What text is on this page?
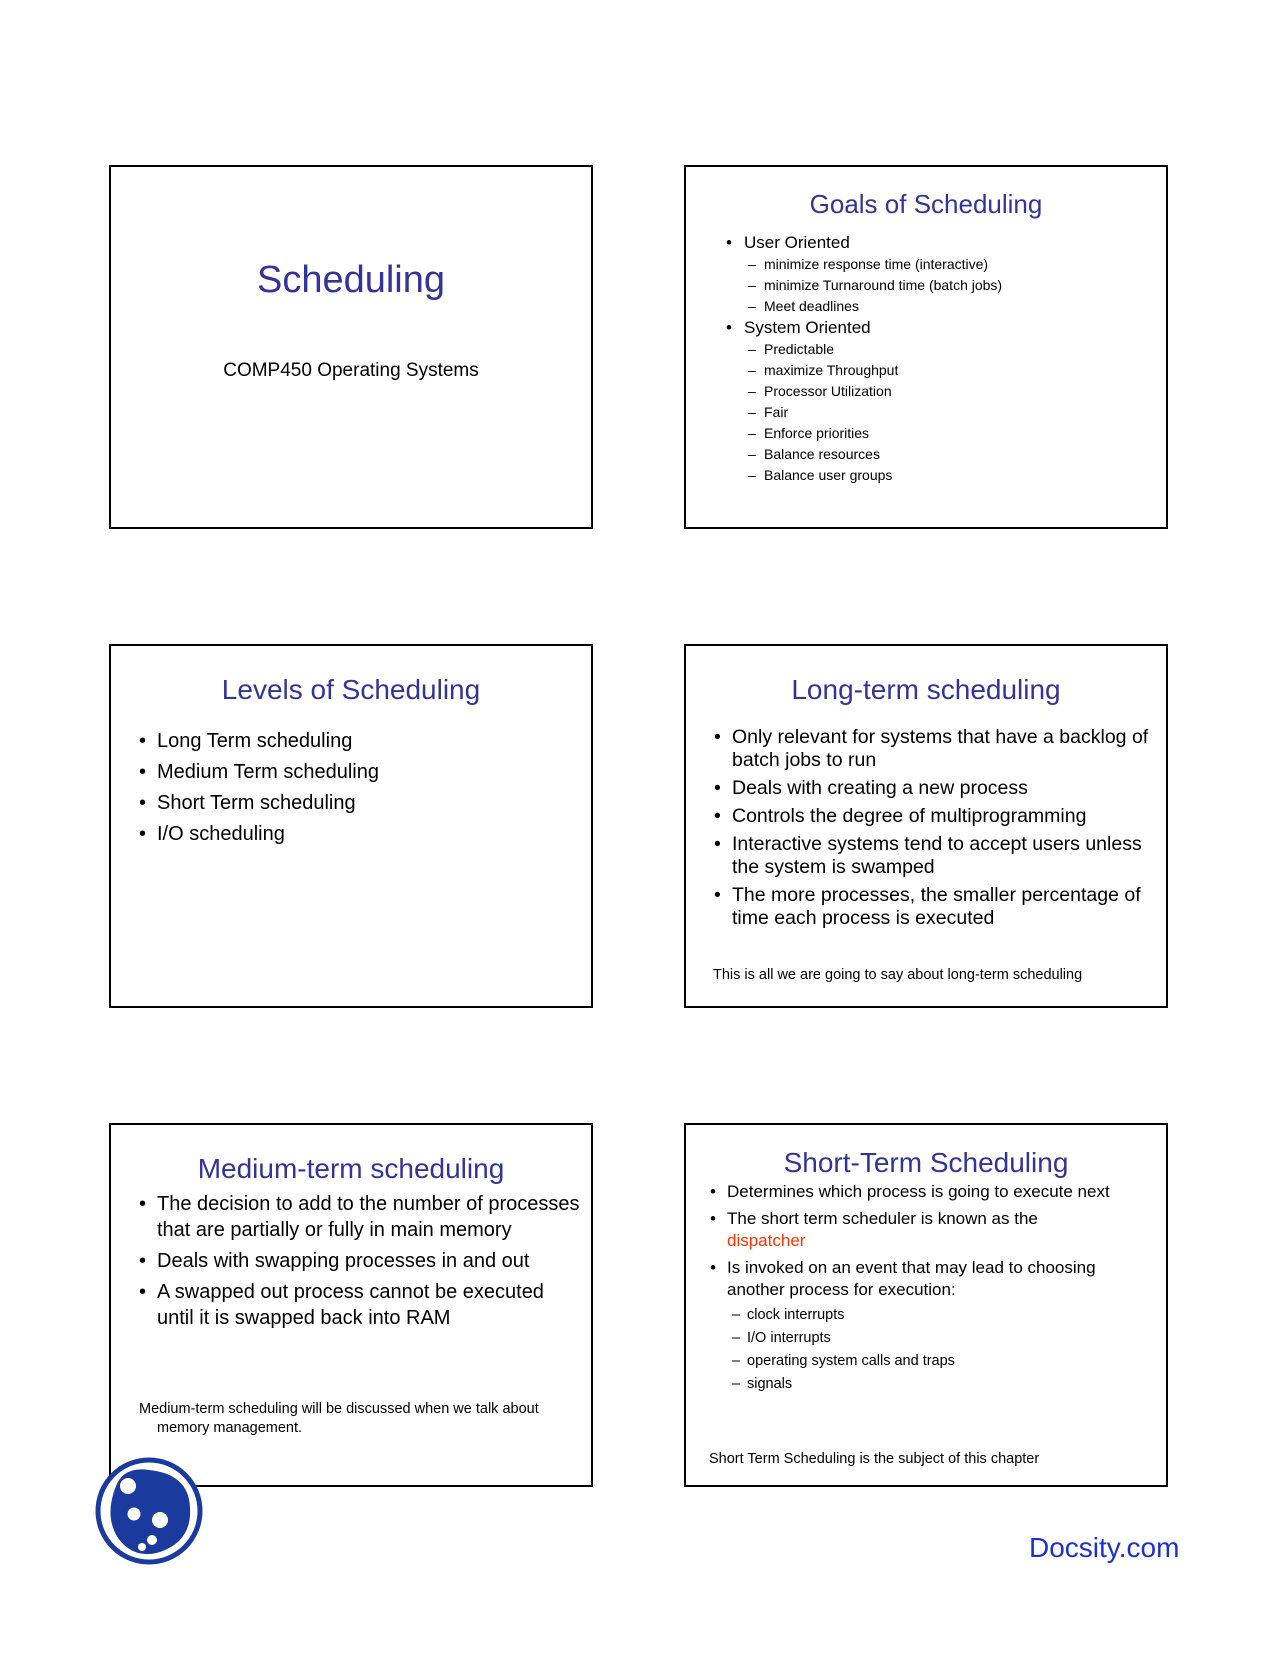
Scheduling
COMP450 Operating Systems
Goals of Scheduling
• User Oriented
– minimize response time (interactive)
– minimize Turnaround time (batch jobs)
– Meet deadlines
• System Oriented
– Predictable
– maximize Throughput
– Processor Utilization
– Fair
– Enforce priorities
– Balance resources
– Balance user groups
Levels of Scheduling
• Long Term scheduling
• Medium Term scheduling
• Short Term scheduling
• I/O scheduling
Long-term scheduling
• Only relevant for systems that have a backlog of batch jobs to run
• Deals with creating a new process
• Controls the degree of multiprogramming
• Interactive systems tend to accept users unless the system is swamped
• The more processes, the smaller percentage of time each process is executed
This is all we are going to say about long-term scheduling
Medium-term scheduling
• The decision to add to the number of processes that are partially or fully in main memory
• Deals with swapping processes in and out
• A swapped out process cannot be executed until it is swapped back into RAM
Medium-term scheduling will be discussed when we talk about
memory management.
Short-Term Scheduling
• Determines which process is going to execute next
• The short term scheduler is known as the
dispatcher
• Is invoked on an event that may lead to choosing another process for execution:
– clock interrupts
– I/O interrupts
– operating system calls and traps
– signals
Short Term Scheduling is the subject of this chapter
Docsity.com
